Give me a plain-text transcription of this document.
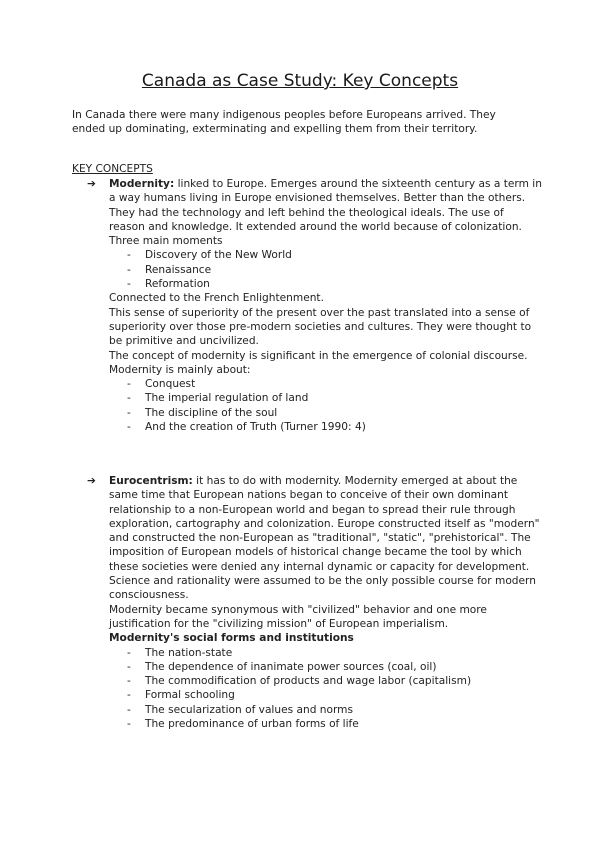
Canada as Case Study: Key Concepts
In Canada there were many indigenous peoples before Europeans arrived. They ended up dominating, exterminating and expelling them from their territory.
KEY CONCEPTS
➔ Modernity: linked to Europe. Emerges around the sixteenth century as a term in a way humans living in Europe envisioned themselves. Better than the others. They had the technology and left behind the theological ideals. The use of reason and knowledge. It extended around the world because of colonization.
Three main moments
- Discovery of the New World
- Renaissance
- Reformation
Connected to the French Enlightenment.
This sense of superiority of the present over the past translated into a sense of superiority over those pre-modern societies and cultures. They were thought to be primitive and uncivilized.
The concept of modernity is significant in the emergence of colonial discourse.
Modernity is mainly about:
- Conquest
- The imperial regulation of land
- The discipline of the soul
- And the creation of Truth (Turner 1990: 4)
➔ Eurocentrism: it has to do with modernity. Modernity emerged at about the same time that European nations began to conceive of their own dominant relationship to a non-European world and began to spread their rule through exploration, cartography and colonization. Europe constructed itself as "modern" and constructed the non-European as "traditional", "static", "prehistorical". The imposition of European models of historical change became the tool by which these societies were denied any internal dynamic or capacity for development.
Science and rationality were assumed to be the only possible course for modern consciousness.
Modernity became synonymous with "civilized" behavior and one more justification for the "civilizing mission" of European imperialism.
Modernity's social forms and institutions
- The nation-state
- The dependence of inanimate power sources (coal, oil)
- The commodification of products and wage labor (capitalism)
- Formal schooling
- The secularization of values and norms
- The predominance of urban forms of life
